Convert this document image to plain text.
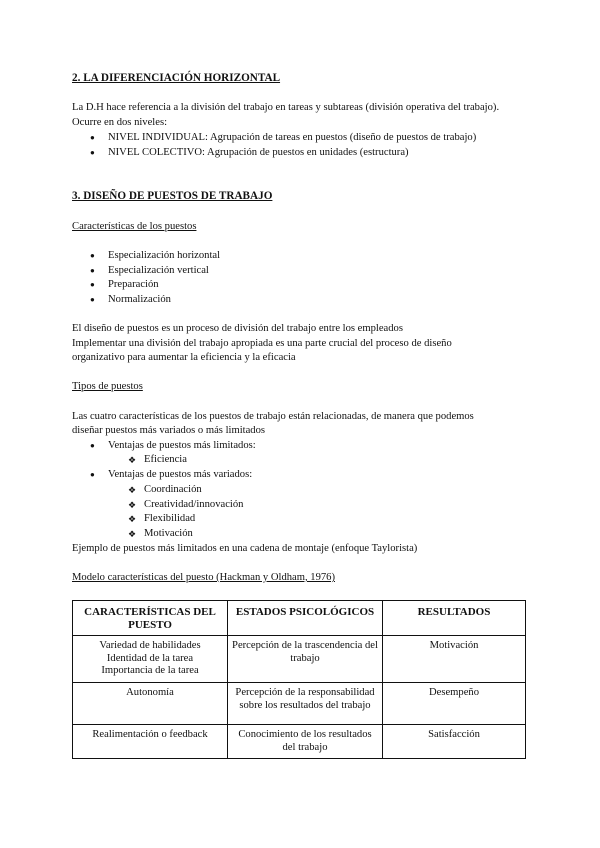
2. LA DIFERENCIACIÓN HORIZONTAL
La D.H hace referencia a la división del trabajo en tareas y subtareas (división operativa del trabajo).
Ocurre en dos niveles:
● NIVEL INDIVIDUAL: Agrupación de tareas en puestos (diseño de puestos de trabajo)
● NIVEL COLECTIVO: Agrupación de puestos en unidades (estructura)
3. DISEÑO DE PUESTOS DE TRABAJO
Características de los puestos
● Especialización horizontal
● Especialización vertical
● Preparación
● Normalización
El diseño de puestos es un proceso de división del trabajo entre los empleados
Implementar una división del trabajo apropiada es una parte crucial del proceso de diseño
organizativo para aumentar la eficiencia y la eficacia
Tipos de puestos
Las cuatro características de los puestos de trabajo están relacionadas, de manera que podemos
diseñar puestos más variados o más limitados
● Ventajas de puestos más limitados:
❖ Eficiencia
● Ventajas de puestos más variados:
❖ Coordinación
❖ Creatividad/innovación
❖ Flexibilidad
❖ Motivación
Ejemplo de puestos más limitados en una cadena de montaje (enfoque Taylorista)
Modelo características del puesto (Hackman y Oldham, 1976)
CARACTERÍSTICAS DEL PUESTO	ESTADOS PSICOLÓGICOS	RESULTADOS
Variedad de habilidades
Identidad de la tarea
Importancia de la tarea	Percepción de la trascendencia del trabajo	Motivación
Autonomía	Percepción de la responsabilidad sobre los resultados del trabajo	Desempeño
Realimentación o feedback	Conocimiento de los resultados del trabajo	Satisfacción
